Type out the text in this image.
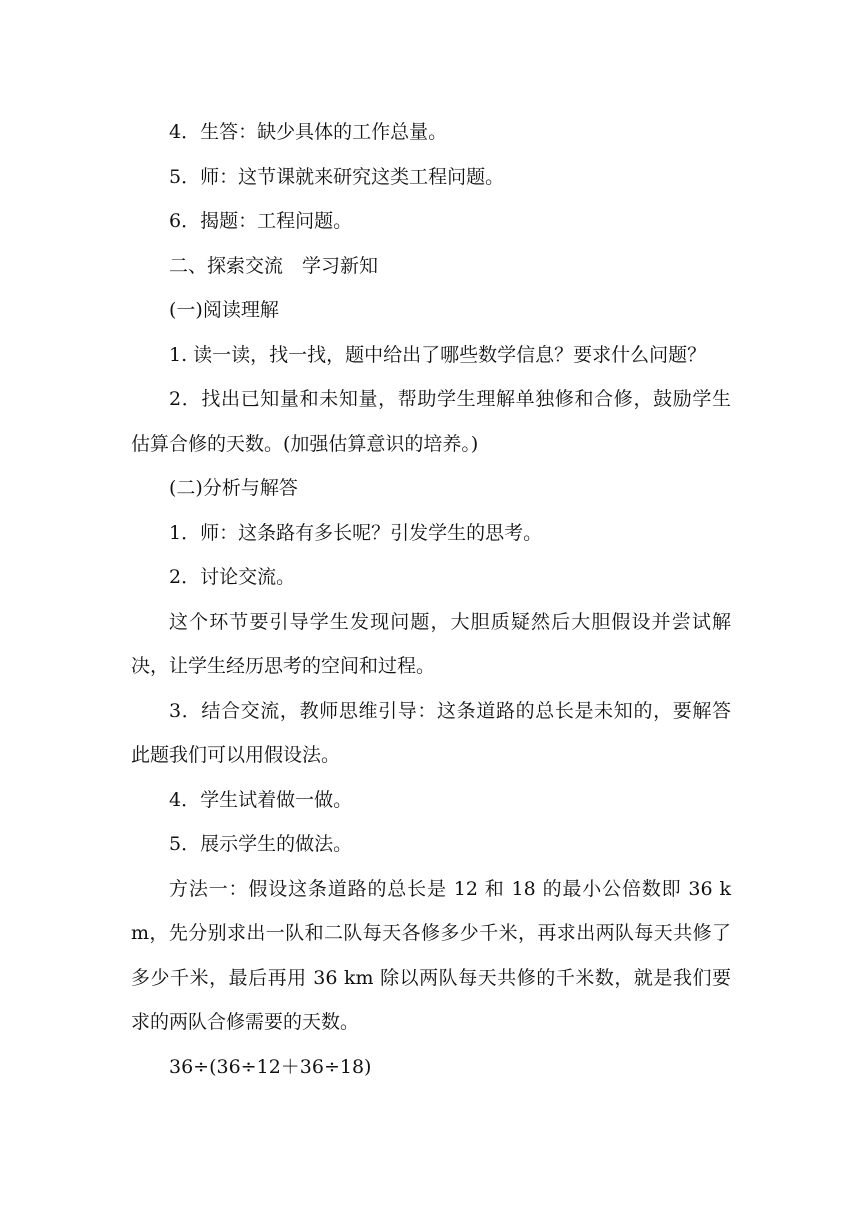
4．生答：缺少具体的工作总量。

5．师：这节课就来研究这类工程问题。

6．揭题：工程问题。

二、探索交流　学习新知

(一)阅读理解

1. 读一读，找一找，题中给出了哪些数学信息？要求什么问题？

2．找出已知量和未知量，帮助学生理解单独修和合修，鼓励学生估算合修的天数。(加强估算意识的培养。)

(二)分析与解答

1．师：这条路有多长呢？引发学生的思考。

2．讨论交流。

这个环节要引导学生发现问题，大胆质疑然后大胆假设并尝试解决，让学生经历思考的空间和过程。

3．结合交流，教师思维引导：这条道路的总长是未知的，要解答此题我们可以用假设法。

4．学生试着做一做。

5．展示学生的做法。

方法一：假设这条道路的总长是 12 和 18 的最小公倍数即 36 km，先分别求出一队和二队每天各修多少千米，再求出两队每天共修了多少千米，最后再用 36 km 除以两队每天共修的千米数，就是我们要求的两队合修需要的天数。

36÷(36÷12＋36÷18)
